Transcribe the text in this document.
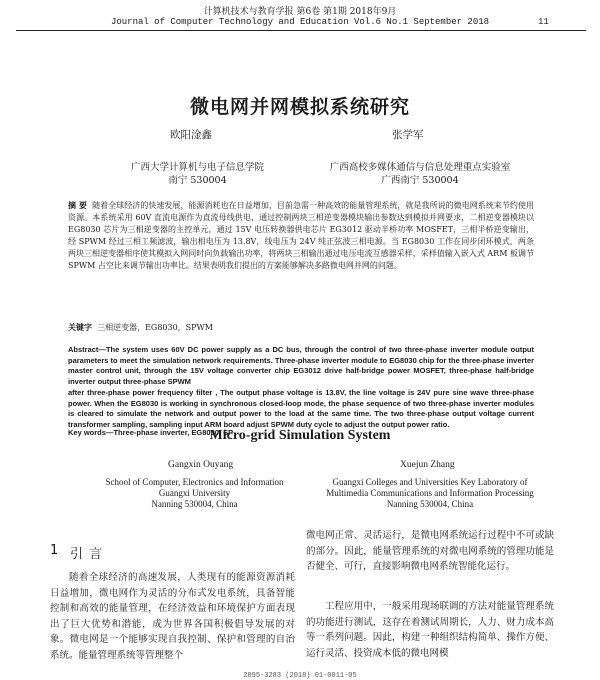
计算机技术与教育学报 第6卷 第1期 2018年9月
Journal of Computer Technology and Education Vol.6 No.1 September 2018	11
微电网并网模拟系统研究
欧阳淦鑫	张学军
广西大学计算机与电子信息学院
南宁 530004
广西高校多媒体通信与信息处理重点实验室
广西南宁 530004
摘 要 随着全球经济的快速发展，能源消耗也在日益增加，目前急需一种高效的能量管理系统，就是我所说的微电网系统来节约使用资源。本系统采用 60V 直流电源作为直流母线供电，通过控制两块三相逆变器模块输出参数达到模拟并网要求，二相逆变器模块以 EG8030 芯片为三相逆变器的主控单元，通过 15V 电压转换器供电芯片 EG3012 驱动半桥功率 MOSFET，三相半桥逆变输出，经 SPWM 经过三相工频滤波，输出相电压为 13.8V，线电压为 24V 纯正弦波三相电源。当 EG8030 工作在同步闭环模式，两条两块三相逆变器相序使其模拟入网同时向负载输出功率，将两块三相输出通过电压电流互感器采样，采样值输入嵌入式 ARM 板调节 SPWM 占空比来调节输出功率比。结果表明我们提出的方案能够解决多路微电网并网的问题。
关键字 三相逆变器，EG8030，SPWM
Micro-grid Simulation System
Gangxin Ouyang	Xuejun Zhang
School of Computer, Electronics and Information
Guangxi University
Nanning 530004, China
Guangxi Colleges and Universities Key Laboratory of
Multimedia Communications and Information Processing
Nanning 530004, China
Abstract—The system uses 60V DC power supply as a DC bus, through the control of two three-phase inverter module output parameters to meet the simulation network requirements. Three-phase inverter module to EG8030 chip for the three-phase inverter master control unit, through the 15V voltage converter chip EG3012 drive half-bridge power MOSFET, three-phase half-bridge inverter output three-phase SPWM
after three-phase power frequency filter , The output phase voltage is 13.8V, the line voltage is 24V pure sine wave three-phase power. When the EG8030 is working in synchronous closed-loop mode, the phase sequence of two three-phase inverter modules is cleared to simulate the network and output power to the load at the same time. The two three-phase output voltage current transformer sampling, sampling input ARM board adjust SPWM duty cycle to adjust the output power ratio.
Key words—Three-phase inverter, EG8030, SP
1 引言

随着全球经济的高速发展，人类现有的能源资源消耗日益增加，微电网作为灵活的分布式发电系统，具备智能控制和高效的能量管理，在经济效益和环境保护方面表现出了巨大优势和潜能，成为世界各国积极倡导发展的对象。微电网是一个能够实现自我控制、保护和管理的自治系统。能量管理系统等管理整个

微电网正常、灵活运行，是微电网系统运行过程中不可或缺的部分。因此，能量管理系统的对微电网系统的管理功能是否健全、可行，直接影响微电网系统智能化运行。

工程应用中，一般采用现场联调的方法对能量管理系统的功能进行测试，这存在着测试周期长，人力、财力成本高等一系列问题。因此，构建一种组织结构简单、操作方便、运行灵活、投资成本低的微电网模

2095-3283 (2018) 01-0011-05
